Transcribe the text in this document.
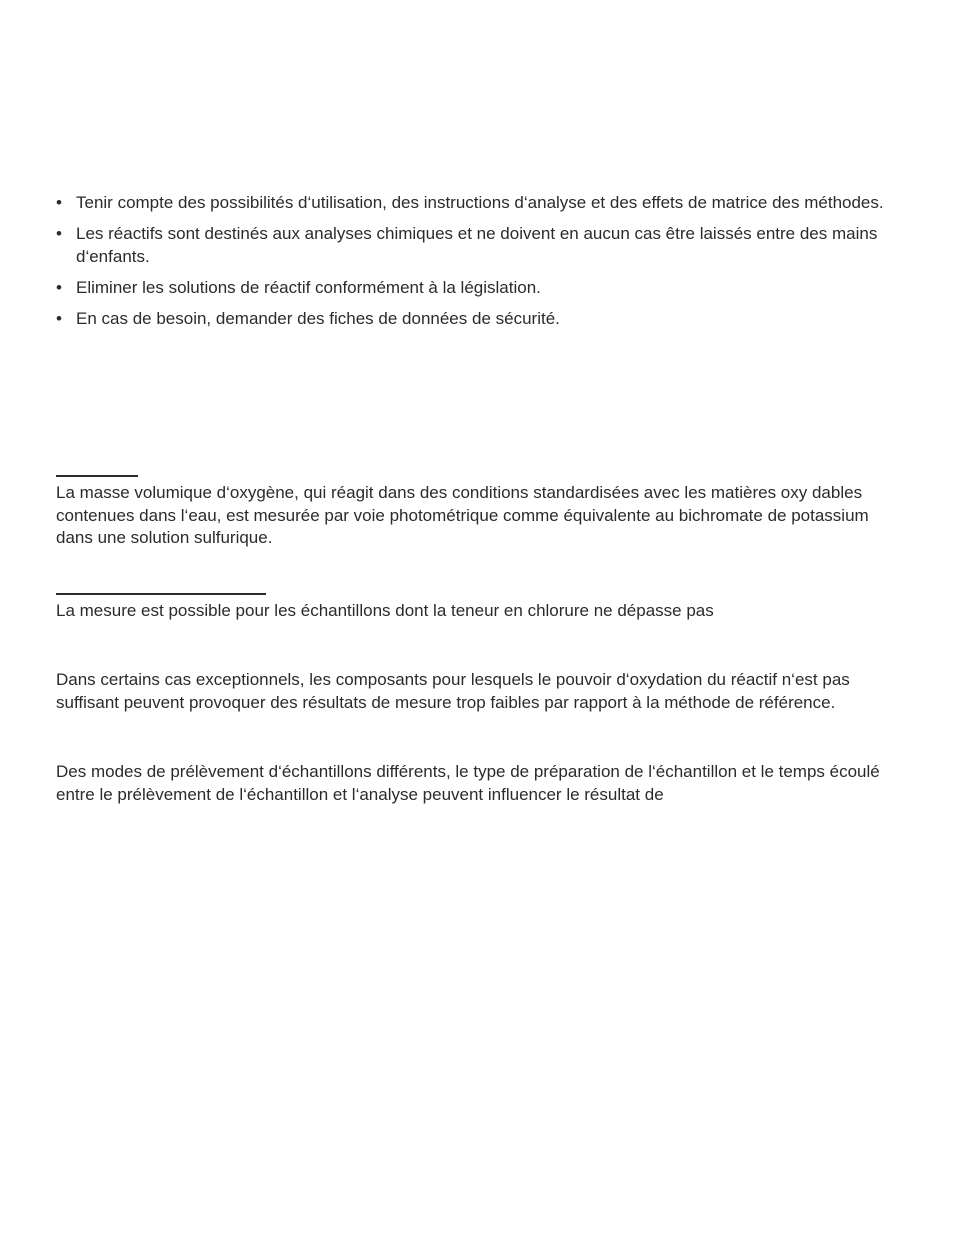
• Tenir compte des possibilités d‘utilisation, des instructions d‘analyse et des effets de matrice des méthodes.
• Les réactifs sont destinés aux analyses chimiques et ne doivent en aucun cas être laissés entre des mains d‘enfants.
• Eliminer les solutions de réactif conformément à la législation.
• En cas de besoin, demander des fiches de données de sécurité.

La masse volumique d‘oxygène, qui réagit dans des conditions standardisées avec les matières oxy dables contenues dans l‘eau, est mesurée par voie photométrique comme équivalente au bichromate de potassium dans une solution sulfurique.

La mesure est possible pour les échantillons dont la teneur en chlorure ne dépasse pas

Dans certains cas exceptionnels, les composants pour lesquels le pouvoir d‘oxydation du réactif n‘est pas suffisant peuvent provoquer des résultats de mesure trop faibles par rapport à la méthode de référence.

Des modes de prélèvement d‘échantillons différents, le type de préparation de l‘échantillon et le temps écoulé entre le prélèvement de l‘échantillon et l‘analyse peuvent influencer le résultat de
